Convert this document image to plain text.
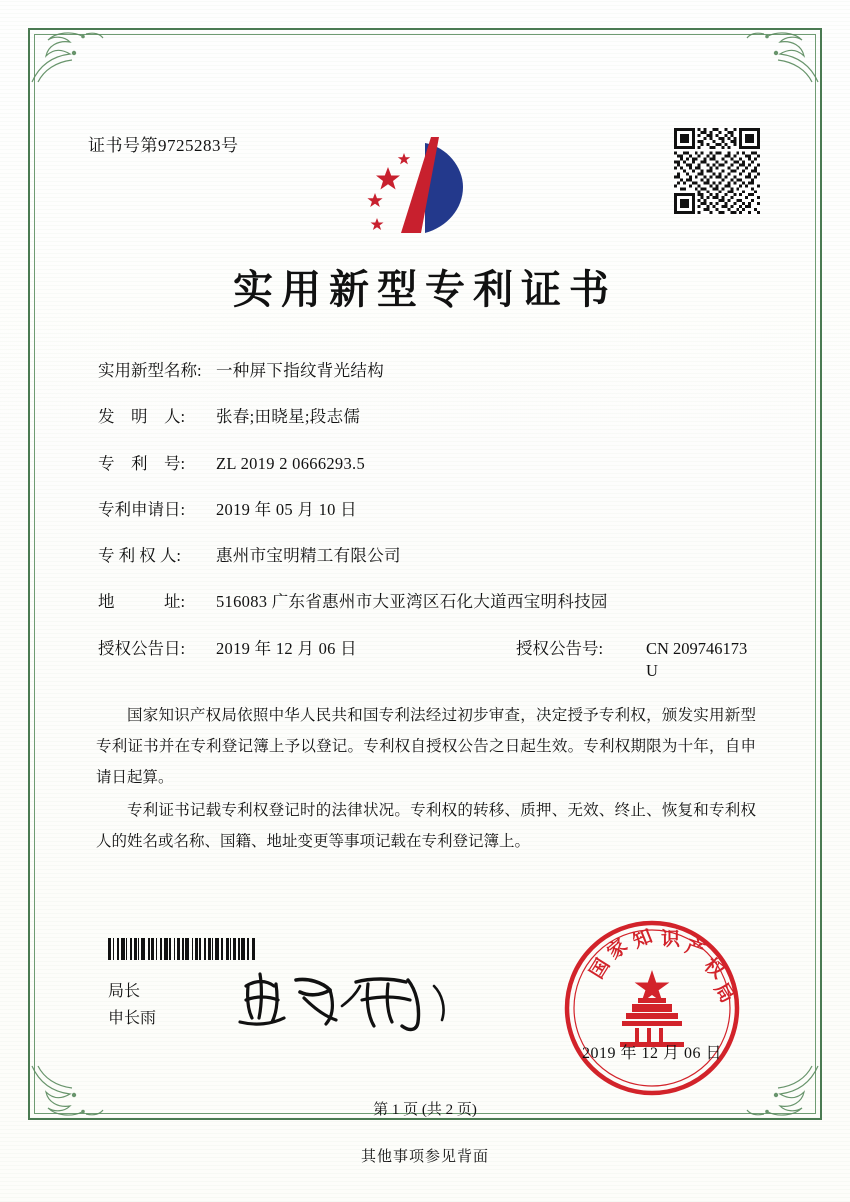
证书号第9725283号
实用新型专利证书
实用新型名称: 一种屏下指纹背光结构
发　明　人:	张春;田晓星;段志儒
专　利　号:	ZL 2019 2 0666293.5
专利申请日:	2019 年 05 月 10 日
专 利 权 人:	惠州市宝明精工有限公司
地　　　址:	516083 广东省惠州市大亚湾区石化大道西宝明科技园
授权公告日:	2019 年 12 月 06 日	授权公告号:	CN 209746173 U

国家知识产权局依照中华人民共和国专利法经过初步审查，决定授予专利权，颁发实用新型专利证书并在专利登记簿上予以登记。专利权自授权公告之日起生效。专利权期限为十年，自申请日起算。

专利证书记载专利权登记时的法律状况。专利权的转移、质押、无效、终止、恢复和专利权人的姓名或名称、国籍、地址变更等事项记载在专利登记簿上。

局长
申长雨
国
家
知 识 产
权
局
2019 年 12 月 06 日
第 1 页 (共 2 页)
其他事项参见背面
